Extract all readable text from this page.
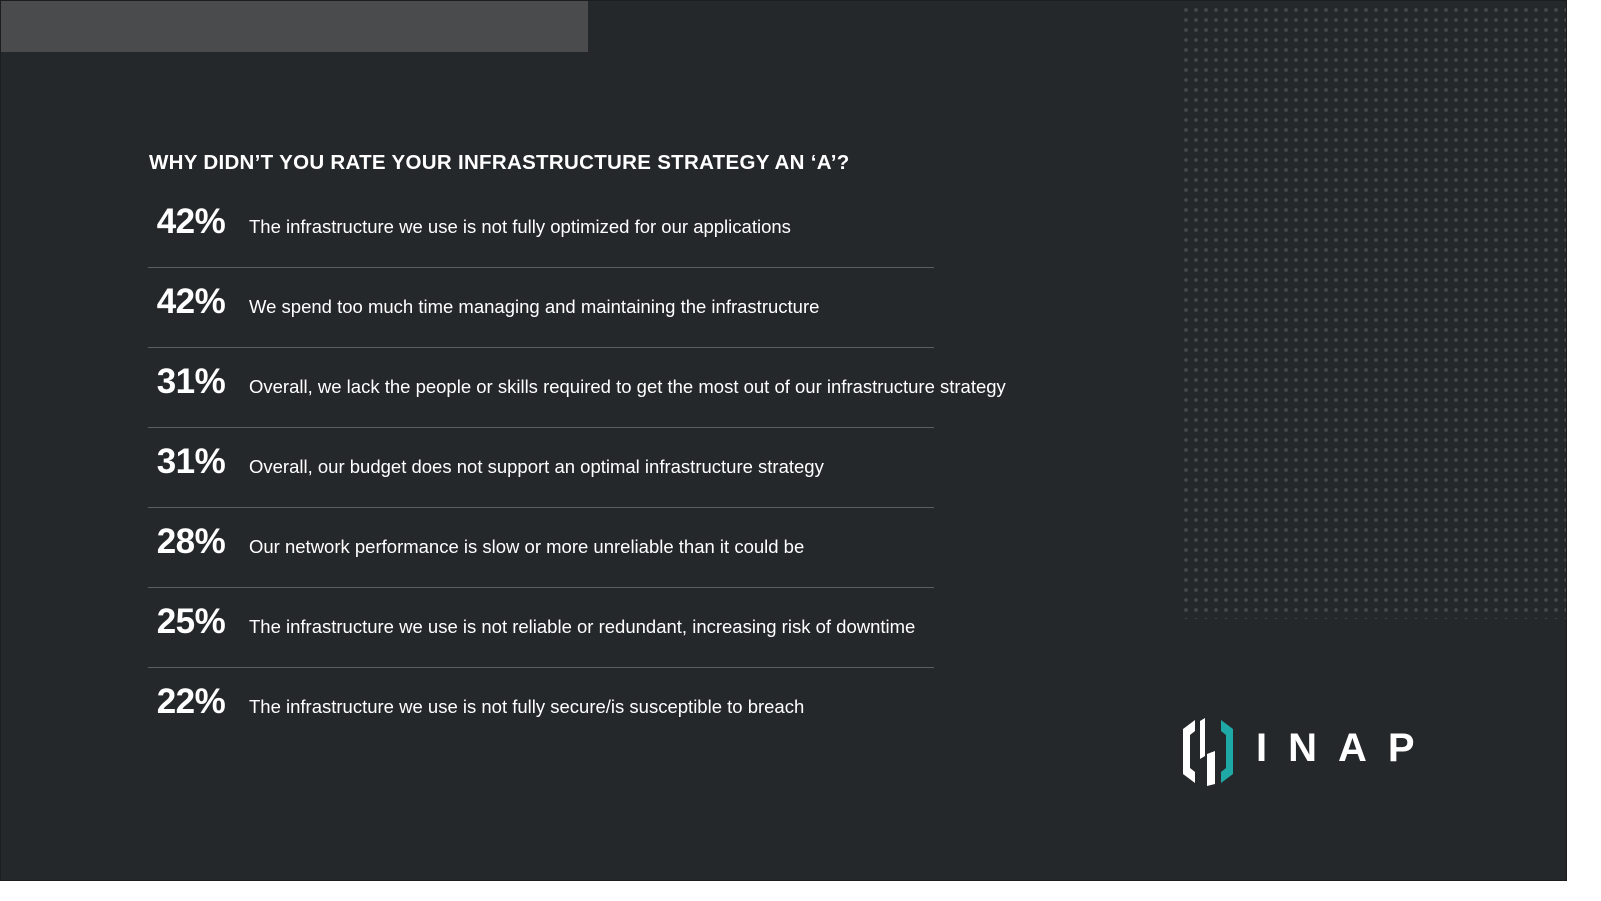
WHY DIDN’T YOU RATE YOUR INFRASTRUCTURE STRATEGY AN ‘A’?
42%	The infrastructure we use is not fully optimized for our applications
42%	We spend too much time managing and maintaining the infrastructure
31%	Overall, we lack the people or skills required to get the most out of our infrastructure strategy
31%	Overall, our budget does not support an optimal infrastructure strategy
28%	Our network performance is slow or more unreliable than it could be
25%	The infrastructure we use is not reliable or redundant, increasing risk of downtime
22%	The infrastructure we use is not fully secure/is susceptible to breach
INAP
